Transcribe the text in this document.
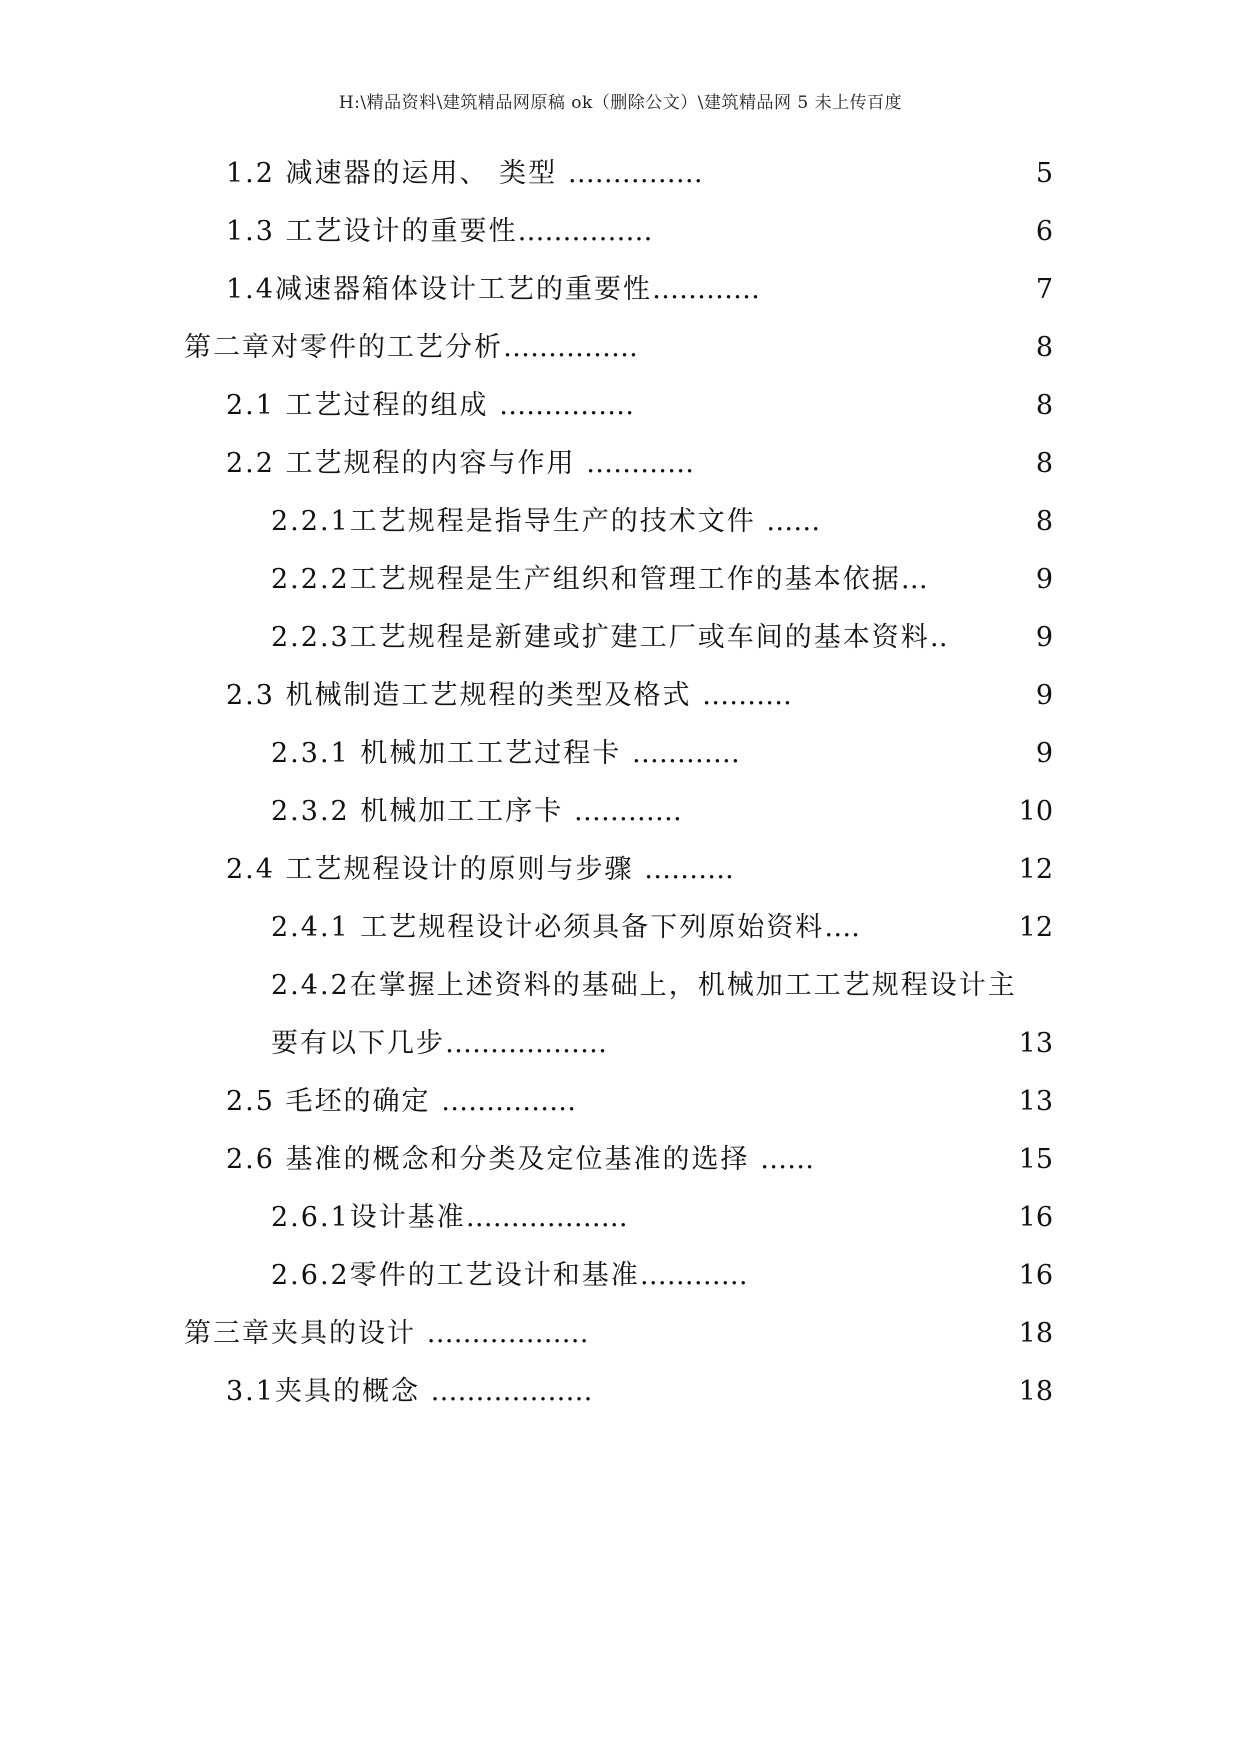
H:\精品资料\建筑精品网原稿 ok（删除公文）\建筑精品网 5 未上传百度
1.2 减速器的运用、 类型 ……………	5
1.3 工艺设计的重要性……………	6
1.4减速器箱体设计工艺的重要性…………	7
第二章对零件的工艺分析……………	8
2.1 工艺过程的组成 ……………	8
2.2 工艺规程的内容与作用 …………	8
2.2.1工艺规程是指导生产的技术文件 ……	8
2.2.2工艺规程是生产组织和管理工作的基本依据…	9
2.2.3工艺规程是新建或扩建工厂或车间的基本资料‥	9
2.3 机械制造工艺规程的类型及格式 ……….	9
2.3.1 机械加工工艺过程卡 …………	9
2.3.2 机械加工工序卡 …………	10
2.4 工艺规程设计的原则与步骤 ……….	12
2.4.1 工艺规程设计必须具备下列原始资料….	12
2.4.2在掌握上述资料的基础上，机械加工工艺规程设计主
要有以下几步………………	13
2.5 毛坯的确定 ……………	13
2.6 基准的概念和分类及定位基准的选择 ……	15
2.6.1设计基准………………	16
2.6.2零件的工艺设计和基准…………	16
第三章夹具的设计 ………………	18
3.1夹具的概念 ………………	18
